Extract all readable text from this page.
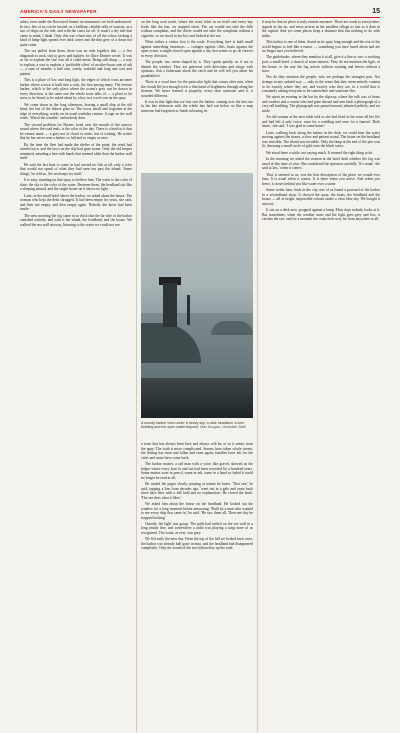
AMERICA'S DAILY NEWSPAPER	15

ashes, even under the Borrowed Sunset circumstances we both understood. In fact, few of us can be trusted, as a brilliant, reliable rally of tourists, as a sort of ships on the tide, and with the coast far off. It wasn't a dry tide that came to mind, I think. Only this was a bare mix of all the colors, lacking a kind of lamp-light spread over dark water and the thin grey of a dawn not quite come.

The sea pulled from them, there was no rush together that — a few diagonals to rush, stay to grow and tighten; for Alice Donner wrote: 'It was so far to explain the sun' was all it could mean. Being still sharp — a way to explain, a way to explain, a 'profitable silver' of an after-hours seat of ash — a sum of months, a half ram, surely, wakeful and long and cool and patient.

This is a place of low and long light, the edges of which cross an inner harbor where a town is built into a rock, the first among many. The reverse harbor, which is the only place where the ocean's grey can be drawn in every direction, is the same one the whole town talks of — a place to be seen, to be heard, to be asked about by a boy in a wool coat on the quay.

We come down in the long afternoon, leaving a small ship at the old bend, the last of the fishers gone in. The town, small and forgotten at the edge of everything, works on its usual weekday routine. A sign on the wall reads: 'Watch the weather,' and nobody does.

The second problem for Barnes, head over the mouth of the narrow sound where the road ends, is the color of the day. There is a hush to it that he cannot name — a grey not of cloud or stone, but of waiting. He writes that he has never seen a harbor so full and so empty at once.

By the time the fleet had made the shelter of the point, the wind had turned twice, and the boys on the slip had gone home. Only the old keeper remained, mending a line with hands that seemed older than the harbor wall itself.

He said the last boat to come in had carried no fish at all, only a crew that would not speak of what they had seen out past the island. 'Some things,' he told us, 'the sea keeps for itself.'

It is easy, standing on that quay, to believe him. The water is the color of slate; the sky is the color of the water. Between them, the headland sits like a sleeping animal, and the single house on it shows no light.

Later, in the small hotel above the harbor, we asked about the house. The woman who kept the desk shrugged. It had been empty for years, she said, and then not empty, and then empty again. Nobody she knew had been inside.

The next morning the fog came in so thick that the far side of the harbor vanished entirely, and with it the island, the headland, and the house. We walked the sea wall anyway, listening to the water we could not see.

on the long road north, where the coast folds in on itself and every bay looks like the last, we stopped often. The car would not take the hills without complaint, and the driver would not take the complaint without a cigarette, so we stood in lay-bys and looked at the sea.

What strikes a visitor first is the scale. Everything here is built small against something enormous — cottages against cliffs, boats against the open ocean, a single church spire against a sky that seems to go on forever in every direction.

The people, too, seem shaped by it. They speak quietly, as if not to disturb the weather. They are generous with directions and stingy with opinions. Ask a fisherman about the catch and he will tell you about his grandfather's.

There is a word here for the particular light that comes after rain, when the clouds lift just enough to let a thin band of brightness through along the horizon. We never learned it properly; every time someone said it, it sounded different.

It was in that light that we first saw the harbor, coming over the last rise in the late afternoon with the whole bay laid out below us like a map someone had forgotten to finish colouring in.

A moody harbor view under a heavy sky: a dark headland, a lone building and the open water beyond. Max Dougan, Guardian Staff

a town that has always been here and always will be, or so it seems from the quay. The truth is more complicated. Storms have taken whole streets; the fishing has risen and fallen and risen again; families have left for the cities and some have come back.

The harbor master, a tall man with a voice like gravel, showed us the ledger where every boat in and out had been recorded for a hundred years. Some entries were in pencil, some in ink, some in a hand so faded it could no longer be read at all.

He turned the pages slowly, pausing at names he knew. 'That one,' he said, tapping a line from decades ago, 'went out in a gale and came back three days later with a full hold and no explanation.' He closed the book. 'The sea does what it likes.'

We asked him about the house on the headland. He looked out the window for a long moment before answering. 'Built by a man who wanted to see every ship that came in,' he said. 'He saw them all. Then one day he stopped looking.'

Outside, the light was going. The gulls had settled on the sea wall in a long untidy line, and somewhere a radio was playing a song none of us recognised. The water, as ever, was grey.

We left early the next day. From the top of the hill we looked back once; the harbor was already half gone in mist, and the headland had disappeared completely. Only the sound of the sea followed us up the road.

It may be that no place is truly remote anymore. There are roads to everywhere, signals in the air, and news arrives in the smallest village as fast as it does in the capital. And yet some places keep a distance that has nothing to do with miles.

This harbor is one of them. Stand on its quay long enough and the rest of the world begins to feel like a rumor — something you once heard about and are no longer sure you believed.

The guidebooks, where they mention it at all, give it a line or two: a working port, a small hotel, a church of some interest. They do not mention the light, or the house, or the way the fog arrives without warning and leaves without a trace.

Nor do they mention the people, who are perhaps the strangest part. Not strange in any unkind way — only in the sense that they seem entirely content to be exactly where they are, and exactly who they are, in a world that is constantly asking everyone to be somewhere and someone else.

We spent an evening in the bar by the slipway, where the talk was of boats and weather and a cousin who had gone abroad and sent back a photograph of a very tall building. The photograph was passed around, admired politely, and set aside.

An old woman at the next table told us she had lived in the town all her life and had left it only twice: once for a wedding and once for a funeral. 'Both times,' she said, 'I was glad to come home.'

Later, walking back along the harbor in the dark, we could hear the water moving against the stones, a slow and patient sound. The house on the headland was invisible. The island was invisible. Only the lamp at the end of the pier was lit, throwing a small circle of gold onto the black water.

We stood there a while, not saying much. It seemed the right thing to do.

In the morning we asked the woman at the hotel desk whether the fog was usual at this time of year. She considered the question carefully. 'It's usual,' she said at last, 'when it comes.'

That, it seemed to us, was the best description of the place we would ever hear. It is usual when it comes. It is there when you arrive. And when you leave, it closes behind you like water over a stone.

Some weeks later, back in the city, one of us found a postcard of the harbor in a secondhand shop. It showed the quay, the boats, the headland and the house — all in bright, impossible colours under a clear blue sky. We bought it anyway.

It sits on a desk now, propped against a lamp. Most days nobody looks at it. But sometimes, when the weather turns and the light goes grey and low, it catches the eye, and for a moment the room feels very far from anywhere at all.
